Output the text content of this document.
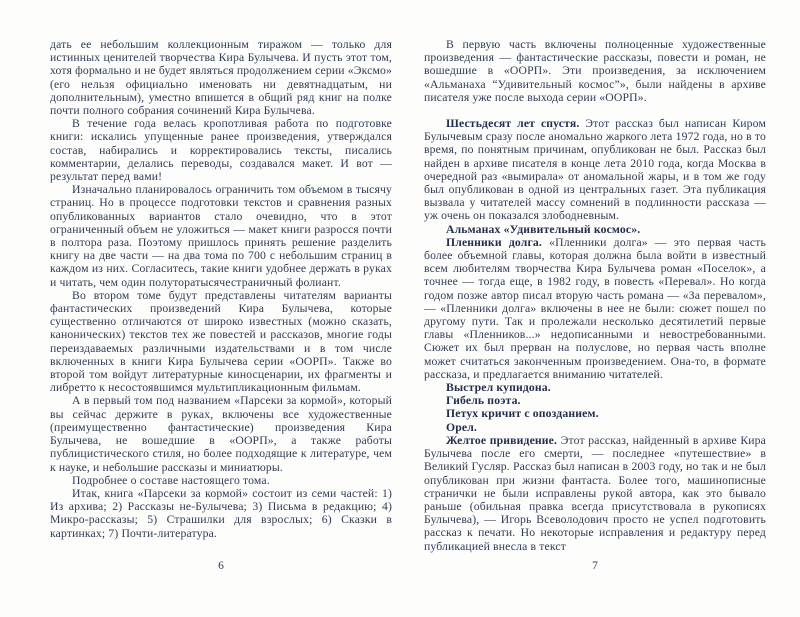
дать ее небольшим коллекционным тиражом — только для истинных ценителей творчества Кира Булычева. И пусть этот том, хотя формально и не будет являться продолжением серии «Эксмо» (его нельзя официально именовать ни девятнадцатым, ни дополнительным), уместно впишется в общий ряд книг на полке почти полного собрания сочинений Кира Булычева.

В течение года велась кропотливая работа по подготовке книги: искались упущенные ранее произведения, утверждался состав, набирались и корректировались тексты, писались комментарии, делались переводы, создавался макет. И вот — результат перед вами!

Изначально планировалось ограничить том объемом в тысячу страниц. Но в процессе подготовки текстов и сравнения разных опубликованных вариантов стало очевидно, что в этот ограниченный объем не уложиться — макет книги разросся почти в полтора раза. Поэтому пришлось принять решение разделить книгу на две части — на два тома по 700 с небольшим страниц в каждом из них. Согласитесь, такие книги удобнее держать в руках и читать, чем один полуторатысячестраничный фолиант.

Во втором томе будут представлены читателям варианты фантастических произведений Кира Булычева, которые существенно отличаются от широко известных (можно сказать, канонических) текстов тех же повестей и рассказов, многие годы переиздаваемых различными издательствами и в том числе включенных в книги Кира Булычева серии «ООРП». Также во второй том войдут литературные киносценарии, их фрагменты и либретто к несостоявшимся мультипликационным фильмам.

А в первый том под названием «Парсеки за кормой», который вы сейчас держите в руках, включены все художественные (преимущественно фантастические) произведения Кира Булычева, не вошедшие в «ООРП», а также работы публицистического стиля, но более подходящие к литературе, чем к науке, и небольшие рассказы и миниатюры.

Подробнее о составе настоящего тома.

Итак, книга «Парсеки за кормой» состоит из семи частей: 1) Из архива; 2) Рассказы не-Булычева; 3) Письма в редакцию; 4) Микро-рассказы; 5) Страшилки для взрослых; 6) Сказки в картинках; 7) Почти-литература.

6

В первую часть включены полноценные художественные произведения — фантастические рассказы, повести и роман, не вошедшие в «ООРП». Эти произведения, за исключением «Альманаха “Удивительный космос”», были найдены в архиве писателя уже после выхода серии «ООРП».

Шестьдесят лет спустя. Этот рассказ был написан Киром Булычевым сразу после аномально жаркого лета 1972 года, но в то время, по понятным причинам, опубликован не был. Рассказ был найден в архиве писателя в конце лета 2010 года, когда Москва в очередной раз «вымирала» от аномальной жары, и в том же году был опубликован в одной из центральных газет. Эта публикация вызвала у читателей массу сомнений в подлинности рассказа — уж очень он показался злободневным.

Альманах «Удивительный космос».

Пленники долга. «Пленники долга» — это первая часть более объемной главы, которая должна была войти в известный всем любителям творчества Кира Булычева роман «Поселок», а точнее — тогда еще, в 1982 году, в повесть «Перевал». Но когда годом позже автор писал вторую часть романа — «За перевалом», — «Пленники долга» включены в нее не были: сюжет пошел по другому пути. Так и пролежали несколько десятилетий первые главы «Пленников...» недописанными и невостребованными. Сюжет их был прерван на полуслове, но первая часть вполне может считаться законченным произведением. Она-то, в формате рассказа, и предлагается вниманию читателей.

Выстрел купидона.

Гибель поэта.

Петух кричит с опозданием.

Орел.

Желтое привидение. Этот рассказ, найденный в архиве Кира Булычева после его смерти, — последнее «путешествие» в Великий Гусляр. Рассказ был написан в 2003 году, но так и не был опубликован при жизни фантаста. Более того, машинописные странички не были исправлены рукой автора, как это бывало раньше (обильная правка всегда присутствовала в рукописях Булычева), — Игорь Всеволодович просто не успел подготовить рассказ к печати. Но некоторые исправления и редактуру перед публикацией внесла в текст

7
